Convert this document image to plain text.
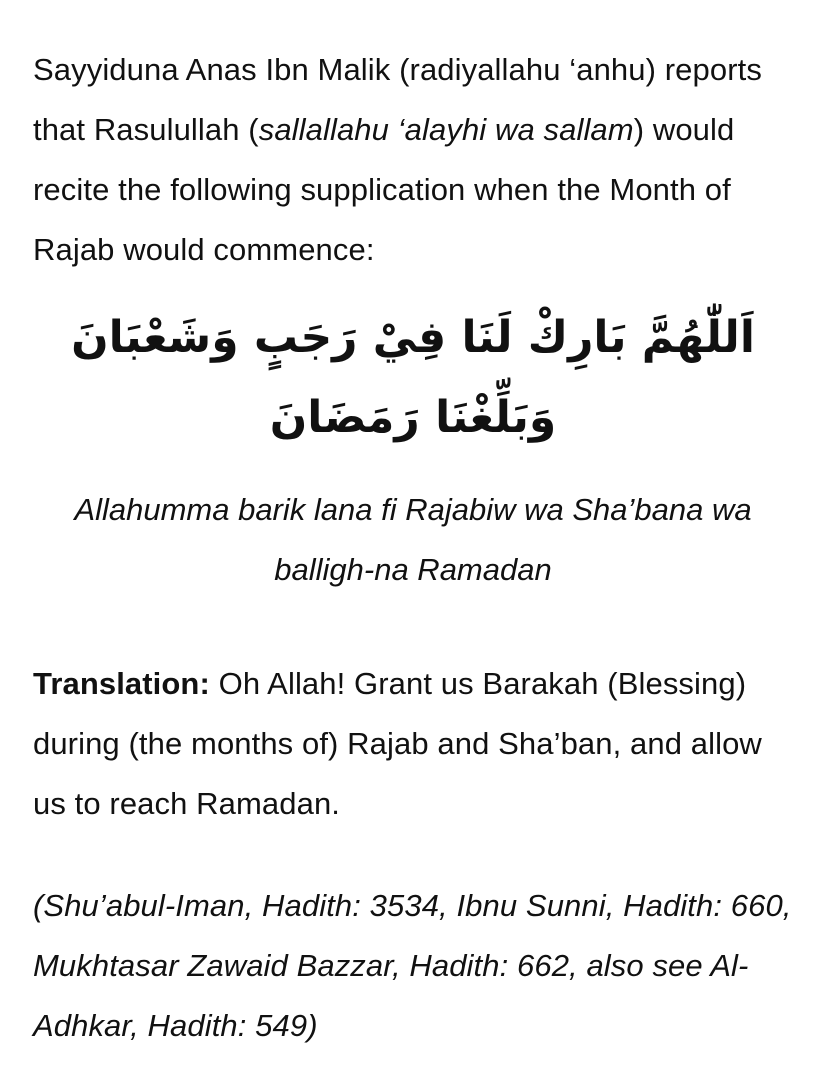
Sayyiduna Anas Ibn Malik (radiyallahu ‘anhu) reports that Rasulullah (sallallahu ‘alayhi wa sallam) would recite the following supplication when the Month of Rajab would commence:

اَللّٰهُمَّ بَارِكْ لَنَا فِيْ رَجَبٍ وَشَعْبَانَ وَبَلِّغْنَا رَمَضَانَ

Allahumma barik lana fi Rajabiw wa Sha’bana wa balligh-na Ramadan

Translation: Oh Allah! Grant us Barakah (Blessing) during (the months of) Rajab and Sha’ban, and allow us to reach Ramadan.

(Shu’abul-Iman, Hadith: 3534, Ibnu Sunni, Hadith: 660, Mukhtasar Zawaid Bazzar, Hadith: 662, also see Al-Adhkar, Hadith: 549)
